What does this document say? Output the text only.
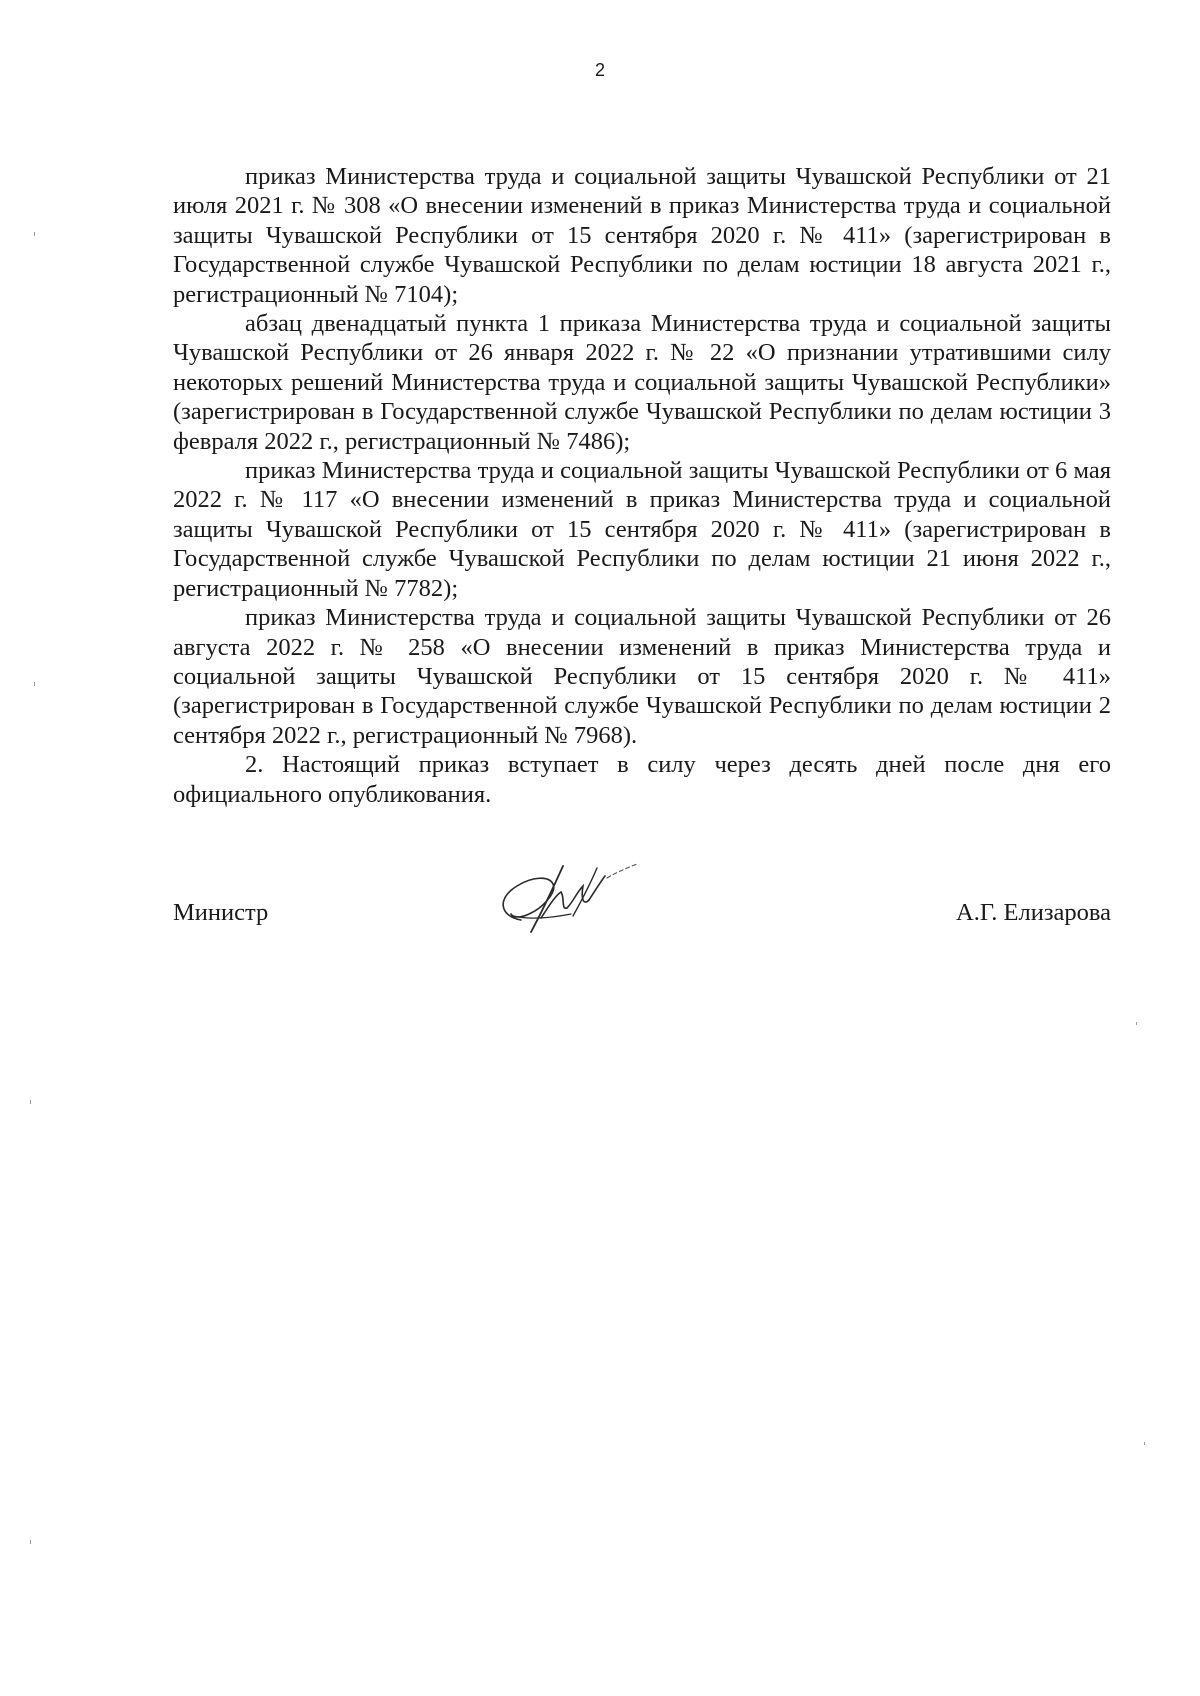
2

приказ Министерства труда и социальной защиты Чувашской Республики от 21 июля 2021 г. № 308 «О внесении изменений в приказ Министерства труда и социальной защиты Чувашской Республики от 15 сентября 2020 г. № 411» (зарегистрирован в Государственной службе Чувашской Республики по делам юстиции 18 августа 2021 г., регистрационный № 7104);

абзац двенадцатый пункта 1 приказа Министерства труда и социальной защиты Чувашской Республики от 26 января 2022 г. № 22 «О признании утратившими силу некоторых решений Министерства труда и социальной защиты Чувашской Республики» (зарегистрирован в Государственной службе Чувашской Республики по делам юстиции 3 февраля 2022 г., регистрационный № 7486);

приказ Министерства труда и социальной защиты Чувашской Республики от 6 мая 2022 г. № 117 «О внесении изменений в приказ Министерства труда и социальной защиты Чувашской Республики от 15 сентября 2020 г. № 411» (зарегистрирован в Государственной службе Чувашской Республики по делам юстиции 21 июня 2022 г., регистрационный № 7782);

приказ Министерства труда и социальной защиты Чувашской Республики от 26 августа 2022 г. № 258 «О внесении изменений в приказ Министерства труда и социальной защиты Чувашской Республики от 15 сентября 2020 г. № 411» (зарегистрирован в Государственной службе Чувашской Республики по делам юстиции 2 сентября 2022 г., регистрационный № 7968).

2. Настоящий приказ вступает в силу через десять дней после дня его официального опубликования.

Министр	А.Г. Елизарова
